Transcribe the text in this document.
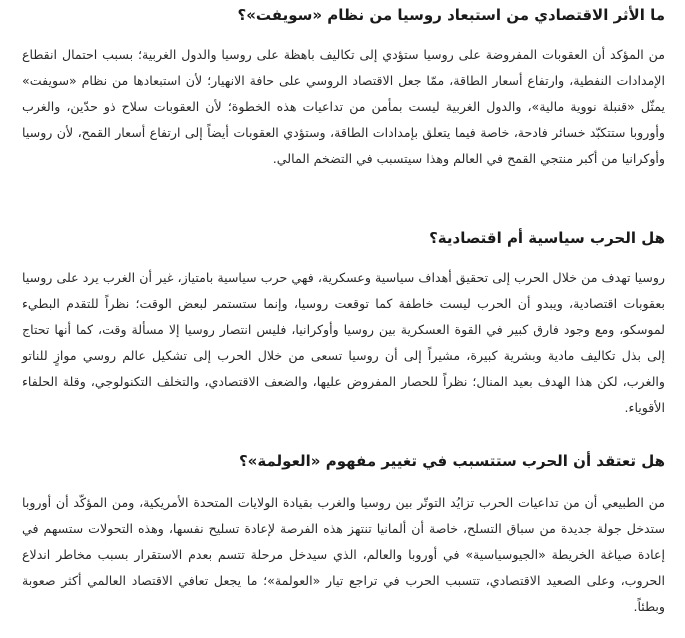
ما الأثر الاقتصادي من استبعاد روسيا من نظام «سويفت»؟

من المؤكد أن العقوبات المفروضة على روسيا ستؤدي إلى تكاليف باهظة على روسيا والدول الغربية؛ بسبب احتمال انقطاع الإمدادات النفطية، وارتفاع أسعار الطاقة، ممّا جعل الاقتصاد الروسي على حافة الانهيار؛ لأن استبعادها من نظام «سويفت» يمثّل «قنبلة نووية مالية»، والدول الغربية ليست بمأمن من تداعيات هذه الخطوة؛ لأن العقوبات سلاح ذو حدّين، والغرب وأوروبا ستتكبّد خسائر فادحة، خاصة فيما يتعلق بإمدادات الطاقة، وستؤدي العقوبات أيضاً إلى ارتفاع أسعار القمح، لأن روسيا وأوكرانيا من أكبر منتجي القمح في العالم وهذا سيتسبب في التضخم المالي.

هل الحرب سياسية أم اقتصادية؟

روسيا تهدف من خلال الحرب إلى تحقيق أهداف سياسية وعسكرية، فهي حرب سياسية بامتياز، غير أن الغرب يرد على روسيا بعقوبات اقتصادية، ويبدو أن الحرب ليست خاطفة كما توقعت روسيا، وإنما ستستمر لبعض الوقت؛ نظراً للتقدم البطيء لموسكو، ومع وجود فارق كبير في القوة العسكرية بين روسيا وأوكرانيا، فليس انتصار روسيا إلا مسألة وقت، كما أنها تحتاج إلى بذل تكاليف مادية وبشرية كبيرة، مشيراً إلى أن روسيا تسعى من خلال الحرب إلى تشكيل عالم روسي موازٍ للناتو والغرب، لكن هذا الهدف بعيد المنال؛ نظراً للحصار المفروض عليها، والضعف الاقتصادي، والتخلف التكنولوجي، وقلة الحلفاء الأقوياء.

هل تعتقد أن الحرب ستتسبب في تغيير مفهوم «العولمة»؟

من الطبيعي أن من تداعيات الحرب تزايُد التوتّر بين روسيا والغرب بقيادة الولايات المتحدة الأمريكية، ومن المؤكّد أن أوروبا ستدخل جولة جديدة من سباق التسلح، خاصة أن ألمانيا تنتهز هذه الفرصة لإعادة تسليح نفسها، وهذه التحولات ستسهم في إعادة صياغة الخريطة «الجيوسياسية» في أوروبا والعالم، الذي سيدخل مرحلة تتسم بعدم الاستقرار بسبب مخاطر اندلاع الحروب، وعلى الصعيد الاقتصادي، تتسبب الحرب في تراجع تيار «العولمة»؛ ما يجعل تعافي الاقتصاد العالمي أكثر صعوبة وبطئاً.
